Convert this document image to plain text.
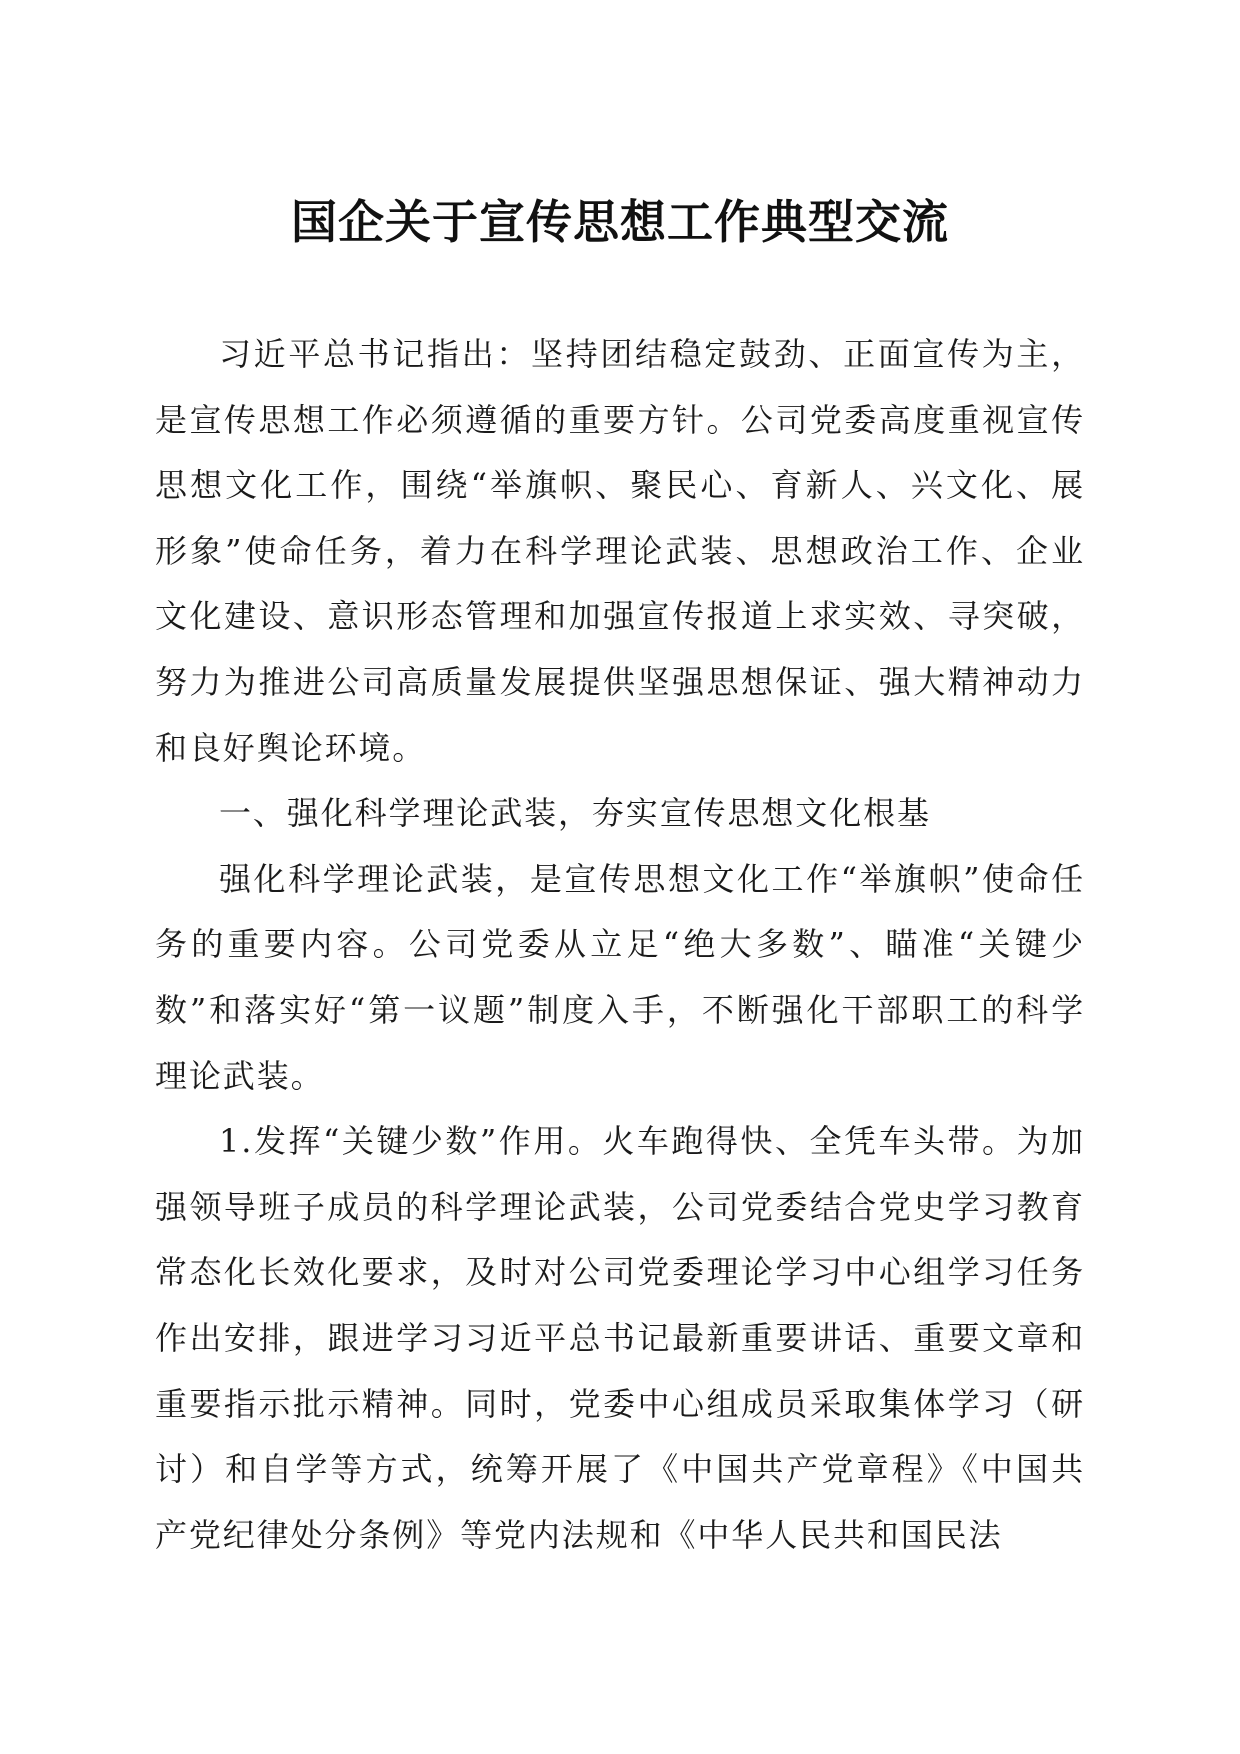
国企关于宣传思想工作典型交流

习近平总书记指出：坚持团结稳定鼓劲、正面宣传为主，是宣传思想工作必须遵循的重要方针。公司党委高度重视宣传思想文化工作，围绕“举旗帜、聚民心、育新人、兴文化、展形象”使命任务，着力在科学理论武装、思想政治工作、企业文化建设、意识形态管理和加强宣传报道上求实效、寻突破，努力为推进公司高质量发展提供坚强思想保证、强大精神动力和良好舆论环境。

一、强化科学理论武装，夯实宣传思想文化根基

强化科学理论武装，是宣传思想文化工作“举旗帜”使命任务的重要内容。公司党委从立足“绝大多数”、瞄准“关键少数”和落实好“第一议题”制度入手，不断强化干部职工的科学理论武装。

1.发挥“关键少数”作用。火车跑得快、全凭车头带。为加强领导班子成员的科学理论武装，公司党委结合党史学习教育常态化长效化要求，及时对公司党委理论学习中心组学习任务作出安排，跟进学习习近平总书记最新重要讲话、重要文章和重要指示批示精神。同时，党委中心组成员采取集体学习（研讨）和自学等方式，统筹开展了《中国共产党章程》《中国共产党纪律处分条例》等党内法规和《中华人民共和国民法
